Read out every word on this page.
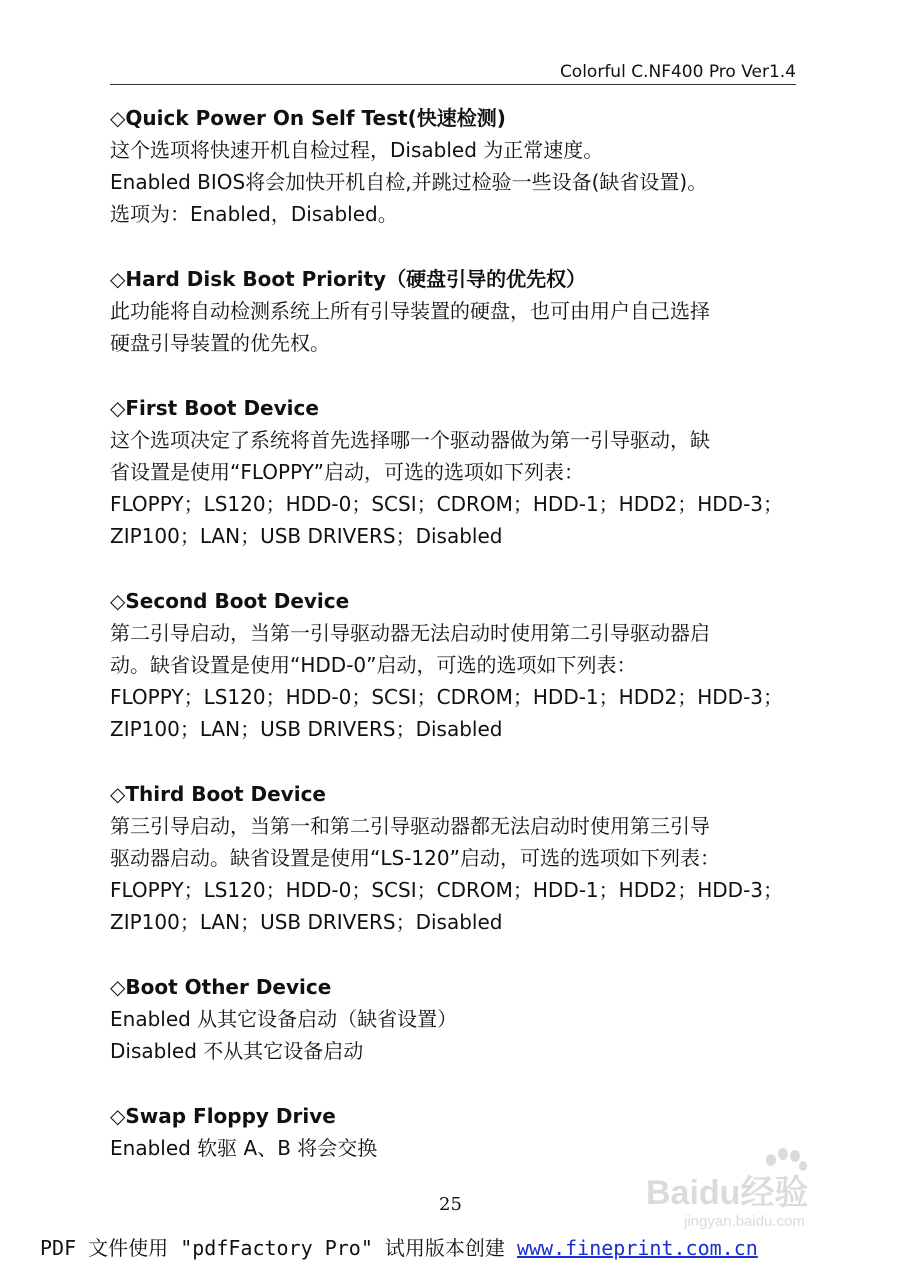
Colorful C.NF400 Pro Ver1.4
◇Quick Power On Self Test(快速检测)
这个选项将快速开机自检过程，Disabled 为正常速度。
Enabled BIOS将会加快开机自检,并跳过检验一些设备(缺省设置)。
选项为：Enabled，Disabled。
◇Hard Disk Boot Priority（硬盘引导的优先权）
此功能将自动检测系统上所有引导装置的硬盘，也可由用户自己选择
硬盘引导装置的优先权。
◇First Boot Device
这个选项决定了系统将首先选择哪一个驱动器做为第一引导驱动，缺
省设置是使用“FLOPPY”启动，可选的选项如下列表：
FLOPPY；LS120；HDD-0；SCSI；CDROM；HDD-1；HDD2；HDD-3；
ZIP100；LAN；USB DRIVERS；Disabled
◇Second Boot Device
第二引导启动，当第一引导驱动器无法启动时使用第二引导驱动器启
动。缺省设置是使用“HDD-0”启动，可选的选项如下列表：
FLOPPY；LS120；HDD-0；SCSI；CDROM；HDD-1；HDD2；HDD-3；
ZIP100；LAN；USB DRIVERS；Disabled
◇Third Boot Device
第三引导启动，当第一和第二引导驱动器都无法启动时使用第三引导
驱动器启动。缺省设置是使用“LS-120”启动，可选的选项如下列表：
FLOPPY；LS120；HDD-0；SCSI；CDROM；HDD-1；HDD2；HDD-3；
ZIP100；LAN；USB DRIVERS；Disabled
◇Boot Other Device
Enabled 从其它设备启动（缺省设置）
Disabled 不从其它设备启动
◇Swap Floppy Drive
Enabled 软驱 A、B 将会交换
Baidu经验
jingyan.baidu.com
25
PDF 文件使用 "pdfFactory Pro" 试用版本创建 www.fineprint.com.cn
